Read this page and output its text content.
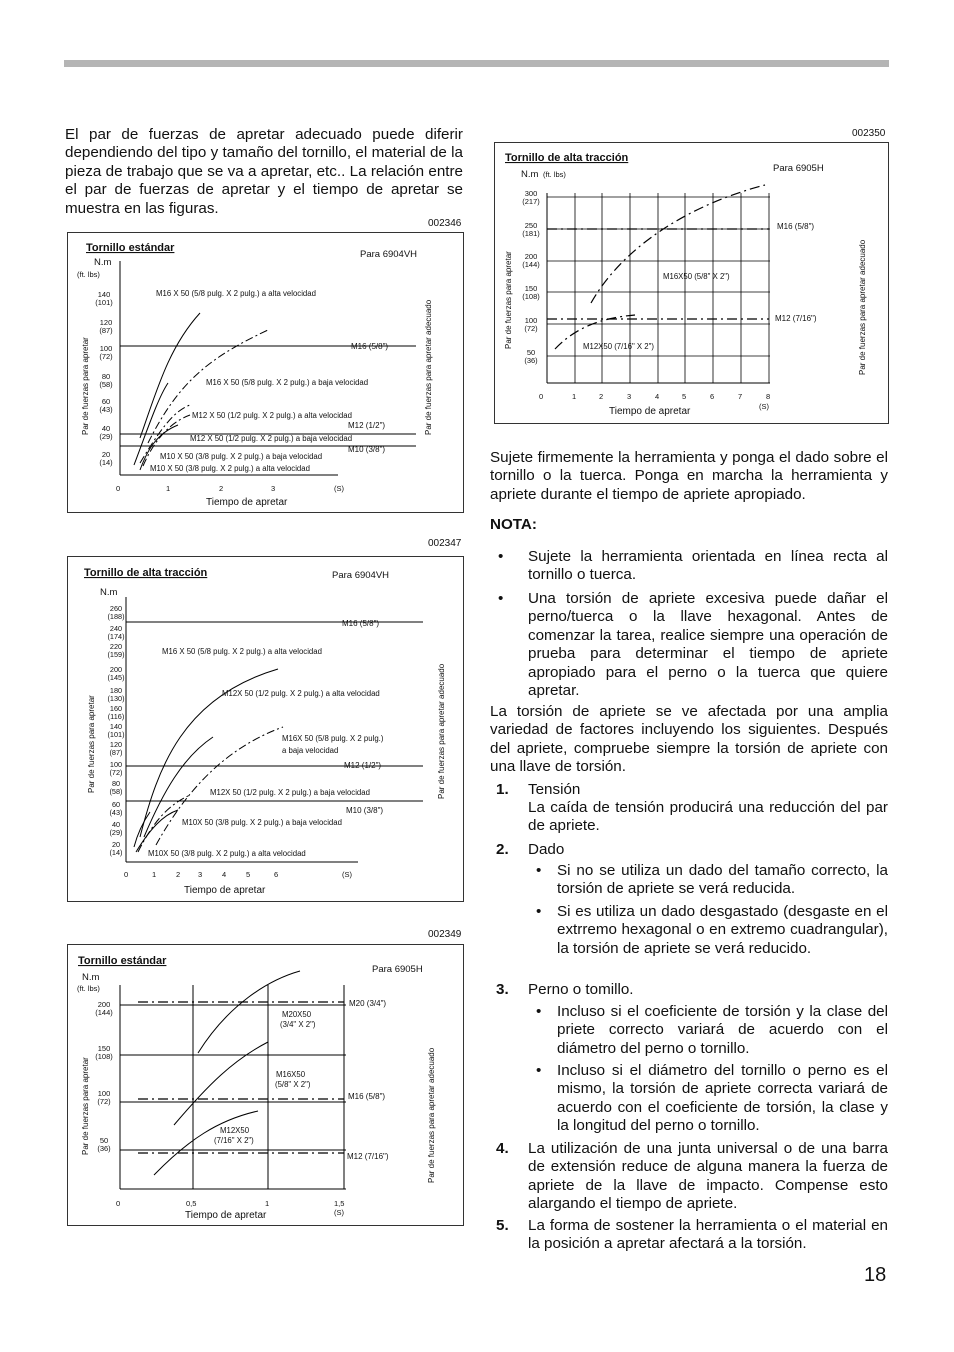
El par de fuerzas de apretar adecuado puede diferir dependiendo del tipo y tamaño del tornillo, el material de la pieza de trabajo que se va a apretar, etc.. La relación entre el par de fuerzas de apretar y el tiempo de apretar se muestra en las figuras.

002346
Tornillo estándar
Para 6904VH
N.m
(ft. lbs)
Par de fuerzas para apretar	Par de fuerzas para apretar adecuado
140
(101)
120
(87)
100
(72)
80
(58)
60
(43)
40
(29)
20
(14)
0	1	2	3	(S)
Tiempo de apretar
M16 (5/8")
M12 (1/2")
M10 (3/8")
M16 X 50 (5/8 pulg. X 2 pulg.) a alta velocidad
M16 X 50 (5/8 pulg. X 2 pulg.) a baja velocidad
M12 X 50 (1/2 pulg. X 2 pulg.) a alta velocidad
M12 X 50 (1/2 pulg. X 2 pulg.) a baja velocidad
M10 X 50 (3/8 pulg. X 2 pulg.) a baja velocidad
M10 X 50 (3/8 pulg. X 2 pulg.) a alta velocidad
002347
Tornillo de alta tracción	Para 6904VH
N.m
Par de fuerzas para apretar	Par de fuerzas para apretar adecuado
260
(188)
240
(174)
220
(159)
200
(145)
180
(130)
160
(116)
140
(101)
120
(87)
100
(72)
80
(58)
60
(43)
40
(29)
20
(14)
0	1	2 3	4	5	6	(S)
Tiempo de apretar
M16 (5/8")
M12 (1/2")
M10 (3/8")
M16 X 50 (5/8 pulg. X 2 pulg.) a alta velocidad
M12X 50 (1/2 pulg. X 2 pulg.) a alta velocidad
M16X 50 (5/8 pulg. X 2 pulg.)
a baja velocidad
M12X 50 (1/2 pulg. X 2 pulg.) a baja velocidad
M10X 50 (3/8 pulg. X 2 pulg.) a baja velocidad
M10X 50 (3/8 pulg. X 2 pulg.) a alta velocidad
002349
Tornillo estándar
Para 6905H
N.m
(ft. lbs)
Par de fuerzas para apretar	Par de fuerzas para apretar adecuado
M20 (3/4")
M16 (5/8")
M12 (7/16")
200
(144)
150
(108)
100
(72)
50
(36)
0	0,5	1	1,5
(S)
Tiempo de apretar
M20X50
(3/4" X 2")
M16X50
(5/8" X 2")
M12X50
(7/16" X 2")
002350
Tornillo de alta tracción
Para 6905H
N.m (ft. lbs)
Par de fuerzas para apretar	Par de fuerzas para apretar adecuado
M16 (5/8")
M12 (7/16")
300
(217)
250
(181)
200
(144)
150
(108)
100
(72)
50
(36)
0	1	2	3	4	5	6	7	8
(S)
Tiempo de apretar
M16X50 (5/8" X 2")
M12X50 (7/16" X 2")

Sujete firmemente la herramienta y ponga el dado sobre el tornillo o la tuerca. Ponga en marcha la herramienta y apriete durante el tiempo de apriete apropiado.

NOTA:
• Sujete la herramienta orientada en línea recta al tornillo o tuerca.
• Una torsión de apriete excesiva puede dañar el perno/tuerca o la llave hexagonal. Antes de comenzar la tarea, realice siempre una operación de prueba para determinar el tiempo de apriete apropiado para el perno o la tuerca que quiere apretar.

La torsión de apriete se ve afectada por una amplia variedad de factores incluyendo los siguientes. Después del apriete, compruebe siempre la torsión de apriete con una llave de torsión.

1. Tensión
La caída de tensión producirá una reducción del par de apriete.
2. Dado
• Si no se utiliza un dado del tamaño correcto, la torsión de apriete se verá reducida.
• Si es utiliza un dado desgastado (desgaste en el extrremo hexagonal o en extremo cuadrangular), la torsión de apriete se verá reducido.
3. Perno o tomillo.
• Incluso si el coeficiente de torsión y la clase del priete correcto variará de acuerdo con el diámetro del perno o tornillo.
• Incluso si el diámetro del tornillo o perno es el mismo, la torsión de apriete correcta variará de acuerdo con el coeficiente de torsión, la clase y la longitud del perno o tornillo.
4. La utilización de una junta universal o de una barra de extensión reduce de alguna manera la fuerza de apriete de la llave de impacto. Compense esto alargando el tiempo de apriete.
5. La forma de sostener la herramienta o el material en la posición a apretar afectará a la torsión.
18
